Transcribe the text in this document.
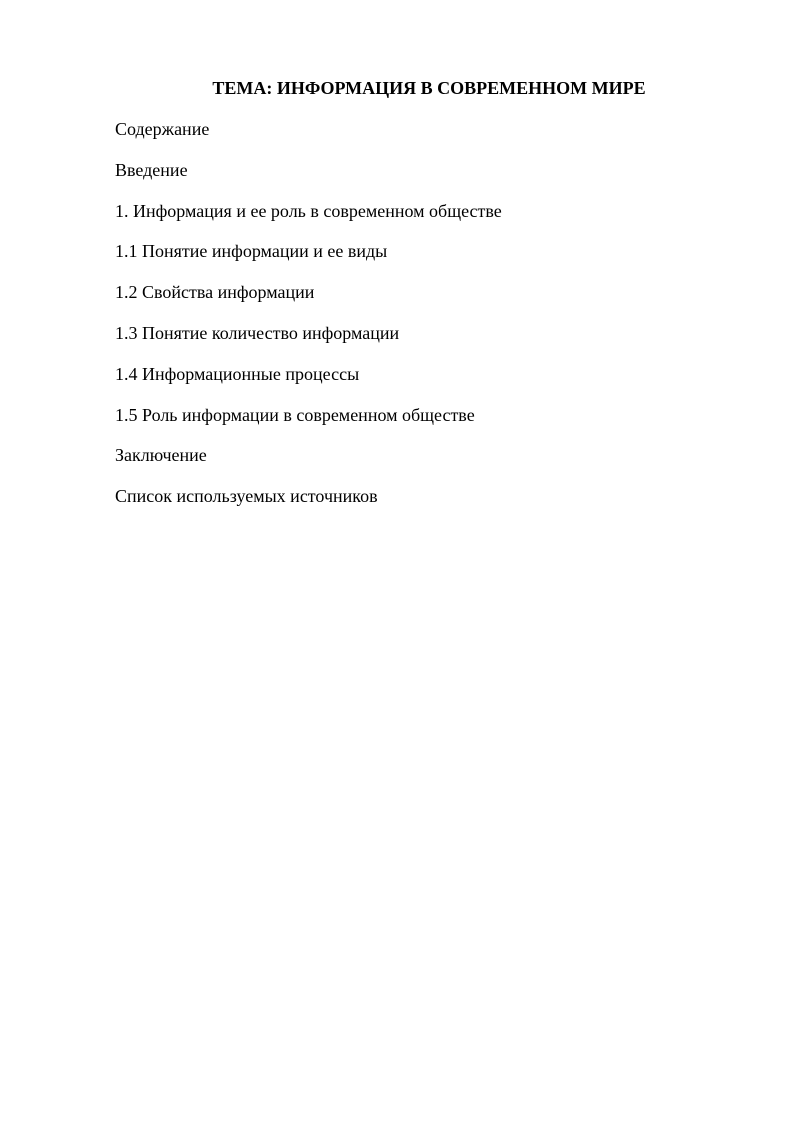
ТЕМА: ИНФОРМАЦИЯ В СОВРЕМЕННОМ МИРЕ
Содержание
Введение
1. Информация и ее роль в современном обществе
1.1 Понятие информации и ее виды
1.2 Свойства информации
1.3 Понятие количество информации
1.4 Информационные процессы
1.5 Роль информации в современном обществе
Заключение
Список используемых источников
